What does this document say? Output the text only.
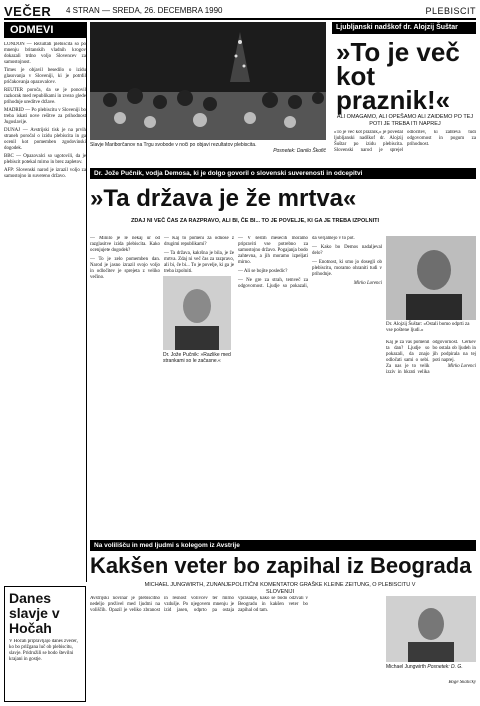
VEČER 4 STRAN — SREDA, 26. DECEMBRA 1990	PLEBISCIT
ODMEVI

LONDON — Rezultati plebiscita so po mnenju britanskih vladnih krogov dokazali trdno voljo Slovencev za samostojnost.

Times je objavil besedilo o izidu glasovanja v Sloveniji, ki je potrdil pričakovanja opazovalcev.

REUTER poroča, da se je ponovil razkorak med republikami in zvezo glede prihodnje ureditve države.

MADRID — Po plebiscitu v Sloveniji bo treba iskati nove rešitve za prihodnost Jugoslavije.

DUNAJ — Avstrijski tisk je na prvih straneh poročal o izidu plebiscita in ga ocenil kot pomemben zgodovinski dogodek.

BBC — Opazovalci so ugotovili, da je plebiscit potekal mirno in brez zapletov.

AFP: Slovenski narod je izrazil voljo za samostojno in suvereno državo.

Slavje Mariborčanov na Trgu svobode v noči po objavi rezultatov plebiscita.
Posnetek: Danilo Škofič
Ljubljanski nadškof dr. Alojzij Šuštar
»To je več kot praznik!«
ALI OMAGAMO, ALI OPEŠAMO ALI ZAIDEMO PO TEJ POTI JE TREBA ITI NAPREJ
»To je več kot praznik,« je povedal ljubljanski nadškof dr. Alojzij Šuštar po izidu plebiscita. Slovenski narod je sprejel odločitev, ki zahteva tudi odgovornost in pogum za prihodnost.
Dr. Jože Pučnik, vodja Demosa, ki je dolgo govoril o slovenski suverenosti in odcepitvi
»Ta država je že mrtva«
ZDAJ NI VEČ ČAS ZA RAZPRAVO, ALI BI, ČE BI... TO JE POVELJE, KI GA JE TREBA IZPOLNITI

— Minilo je le nekaj ur od razglasitve izida plebiscita. Kako ocenjujete dogodek?

— To je zelo pomemben dan. Narod je jasno izrazil svojo voljo in odločitev je sprejeta z veliko večino.

— Kaj to pomeni za odnose z drugimi republikami?

— Ta država, kakršna je bila, je že mrtva. Zdaj ni več čas za razpravo, ali bi, če bi... To je povelje, ki ga je treba izpolniti.

— V šestih mesecih moramo pripraviti vse potrebno za samostojno državo. Pogajanja bodo zahtevna, a jih moramo izpeljati mirno.

— Ali se bojite posledic?

— Ne gre za strah, temveč za odgovornost. Ljudje so pokazali, da verjamejo v to pot.

— Kako bo Demos nadaljeval delo?

— Enotnost, ki smo jo dosegli ob plebiscitu, moramo ohraniti tudi v prihodnje.

Mirko Lorenci

Dr. Jože Pučnik: »Razlike med strankami so le začasne.«
Dr. Alojzij Šuštar: »Ostali bomo odprti za vse poštene ljudi.«
Kaj je za vas pomenil ta dan? Ljudje so pokazali, da znajo odločati sami o sebi. Za nas je to velik izziv in hkrati velika odgovornost. Cerkev bo ostala ob ljudeh in jih podpirala na tej poti naprej.
Mirko Lorenci
Na volilišču in med ljudmi s kolegom iz Avstrije
Kakšen veter bo zapihal iz Beograda
MICHAEL JUNGWIRTH, ZUNANJEPOLITIČNI KOMENTATOR GRAŠKE KLEINE ZEITUNG, O PLEBISCITU V SLOVENIJI
Avstrijski novinar je plebiscitno nedeljo preživel med ljudmi na voliščih. Opazil je veliko zbranost in resnost volivcev ter mirno vzdušje. Po njegovem mnenju je izid jasen, odprto pa ostaja vprašanje, kako se bodo odzvali v Beogradu in kakšen veter bo zapihal od tam.
Michael Jungwirth Posnetek: D. G.
Boge Skalicky
Danes slavje v Hočah
V Hočah pripravljajo danes zvečer, ko bo prižgana luč ob plebiscitu, slavje. Pridružili se bodo številni krajani in gostje.
